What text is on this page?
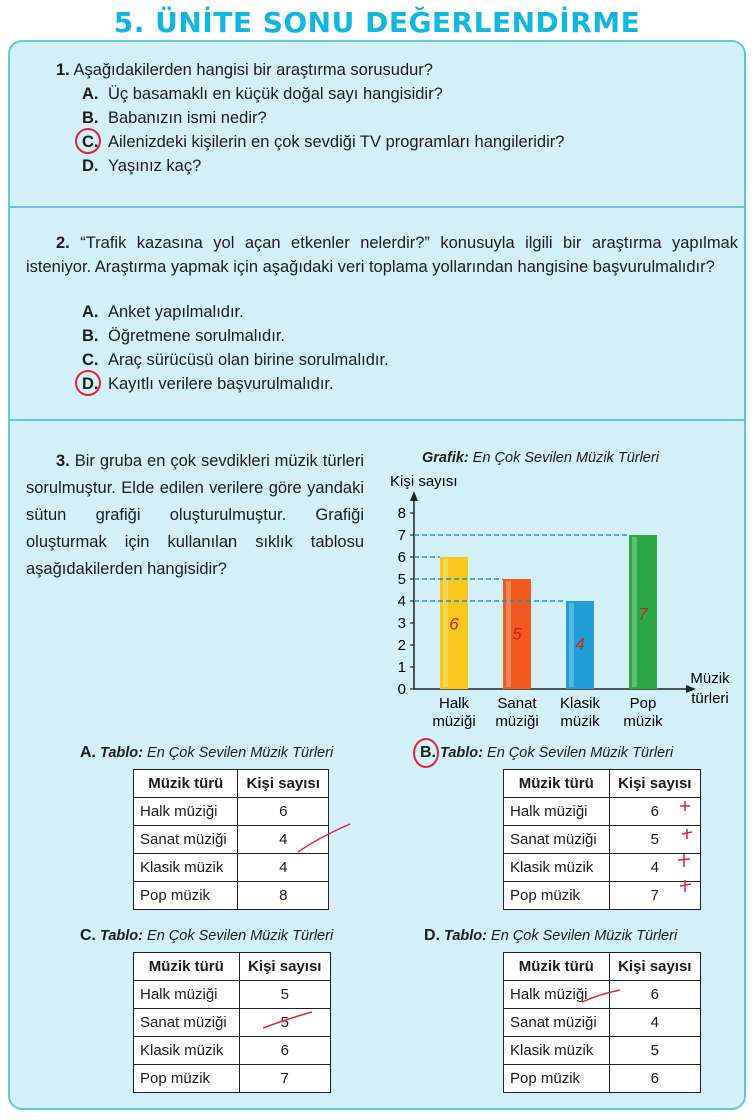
5. ÜNİTE SONU DEĞERLENDİRME
1. Aşağıdakilerden hangisi bir araştırma sorusudur?
A. Üç basamaklı en küçük doğal sayı hangisidir?
B. Babanızın ismi nedir?
C. Ailenizdeki kişilerin en çok sevdiği TV programları hangileridir?
D. Yaşınız kaç?
2. “Trafik kazasına yol açan etkenler nelerdir?” konusuyla ilgili bir araştırma yapılmak isteniyor. Araştırma yapmak için aşağıdaki veri toplama yollarından hangisine başvurulmalıdır?
A. Anket yapılmalıdır.
B. Öğretmene sorulmalıdır.
C. Araç sürücüsü olan birine sorulmalıdır.
D. Kayıtlı verilere başvurulmalıdır.
3. Bir gruba en çok sevdikleri müzik türleri sorulmuştur. Elde edilen verilere göre yandaki sütun grafiği oluşturulmuştur. Grafiği oluşturmak için kullanılan sıklık tablosu aşağıdakilerden hangisidir?
Grafik: En Çok Sevilen Müzik Türleri
Kişi sayısı
0
1
2
3
4
5
6
7
8
6
Halk
müziği
5
Sanat
müziği
4
Klasik
müzik
7
Pop
müzik
Müzik
türleri
A. Tablo: En Çok Sevilen Müzik Türleri
Müzik türü	Kişi sayısı
Halk müziği	6
Sanat müziği	4
Klasik müzik	4
Pop müzik	8
B. Tablo: En Çok Sevilen Müzik Türleri
Müzik türü	Kişi sayısı
Halk müziği	6
Sanat müziği	5
Klasik müzik	4
Pop müzik	7
C. Tablo: En Çok Sevilen Müzik Türleri
Müzik türü	Kişi sayısı
Halk müziği	5
Sanat müziği	5
Klasik müzik	6
Pop müzik	7
D. Tablo: En Çok Sevilen Müzik Türleri
Müzik türü	Kişi sayısı
Halk müziği	6
Sanat müziği	4
Klasik müzik	5
Pop müzik	6
